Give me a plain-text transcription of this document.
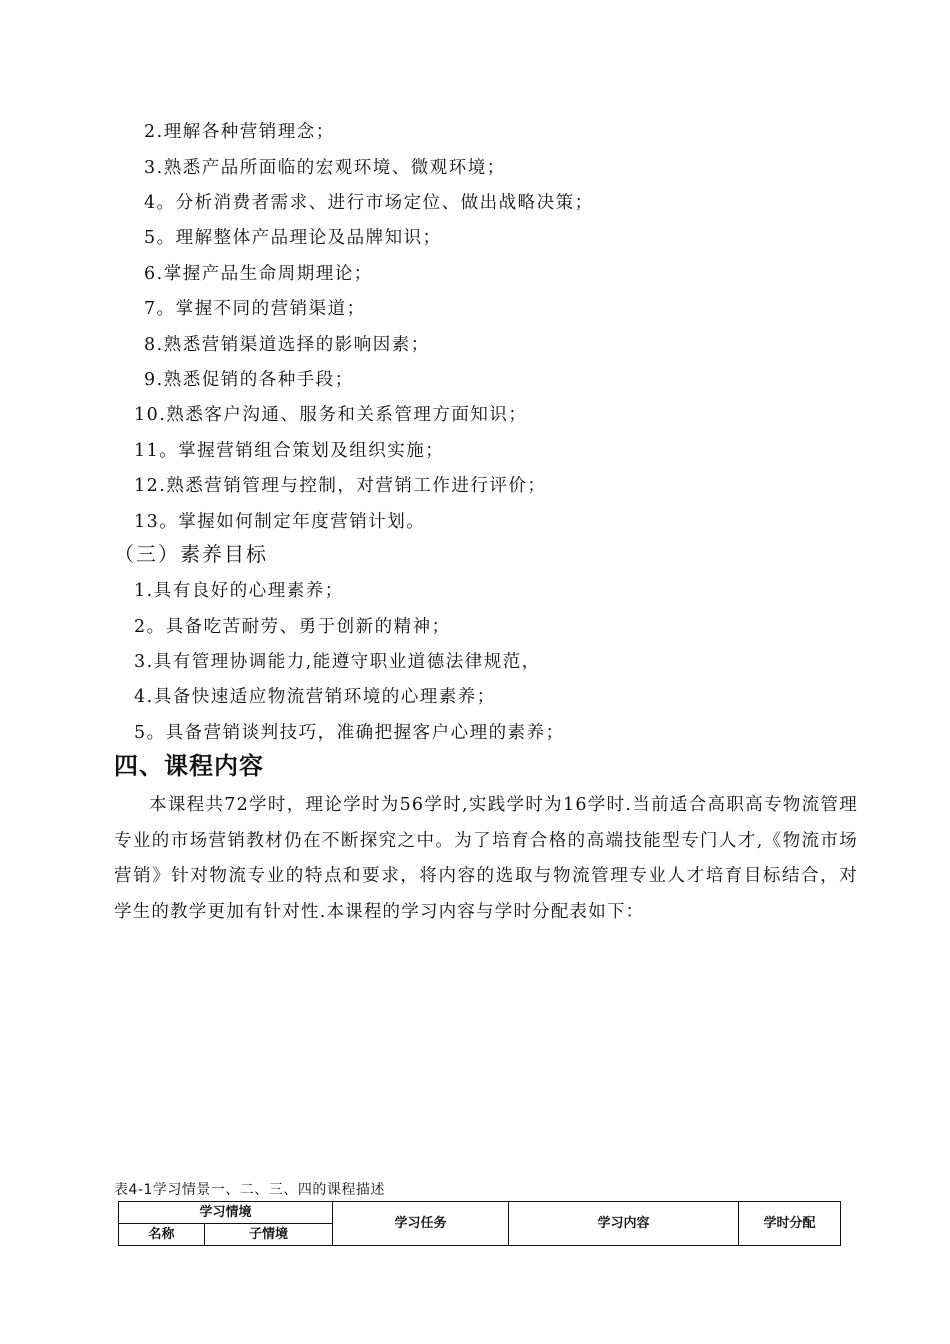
2.理解各种营销理念；
3.熟悉产品所面临的宏观环境、微观环境；
4。分析消费者需求、进行市场定位、做出战略决策；
5。理解整体产品理论及品牌知识；
6.掌握产品生命周期理论；
7。掌握不同的营销渠道；
8.熟悉营销渠道选择的影响因素；
9.熟悉促销的各种手段；
10.熟悉客户沟通、服务和关系管理方面知识；
11。掌握营销组合策划及组织实施；
12.熟悉营销管理与控制，对营销工作进行评价；
13。掌握如何制定年度营销计划。
（三）素养目标
1.具有良好的心理素养；
2。具备吃苦耐劳、勇于创新的精神；
3.具有管理协调能力,能遵守职业道德法律规范，
4.具备快速适应物流营销环境的心理素养；
5。具备营销谈判技巧，准确把握客户心理的素养；
四、课程内容
本课程共72学时，理论学时为56学时,实践学时为16学时.当前适合高职高专物流管理专业的市场营销教材仍在不断探究之中。为了培育合格的高端技能型专门人才,《物流市场营销》针对物流专业的特点和要求，将内容的选取与物流管理专业人才培育目标结合，对学生的教学更加有针对性.本课程的学习内容与学时分配表如下：
表4-1学习情景一、二、三、四的课程描述
学习情境		学习任务	学习内容	学时分配
名称	子情境			
